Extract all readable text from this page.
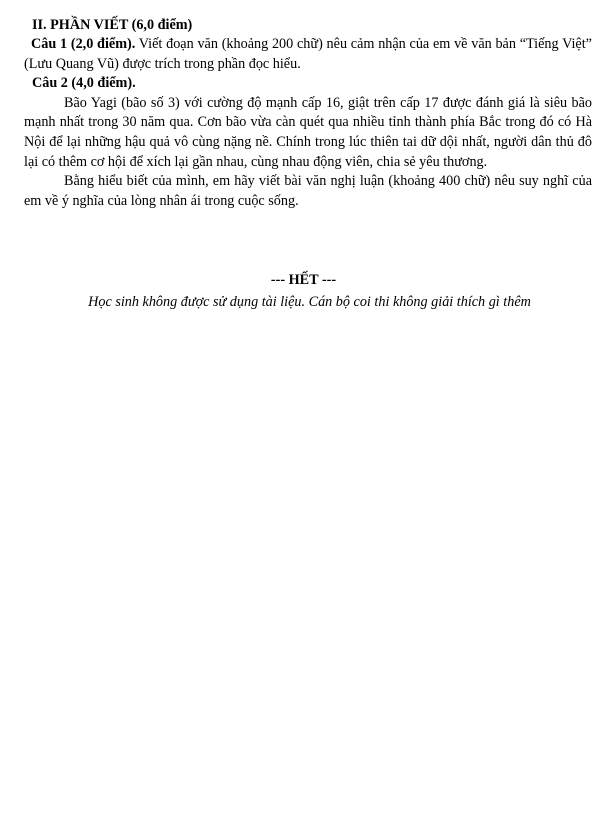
II. PHẦN VIẾT (6,0 điểm)

Câu 1 (2,0 điểm). Viết đoạn văn (khoảng 200 chữ) nêu cảm nhận của em về văn bản “Tiếng Việt” (Lưu Quang Vũ) được trích trong phần đọc hiểu.

Câu 2 (4,0 điểm).

Bão Yagi (bão số 3) với cường độ mạnh cấp 16, giật trên cấp 17 được đánh giá là siêu bão mạnh nhất trong 30 năm qua. Cơn bão vừa càn quét qua nhiều tỉnh thành phía Bắc trong đó có Hà Nội để lại những hậu quả vô cùng nặng nề. Chính trong lúc thiên tai dữ dội nhất, người dân thủ đô lại có thêm cơ hội để xích lại gần nhau, cùng nhau động viên, chia sẻ yêu thương.

Bằng hiểu biết của mình, em hãy viết bài văn nghị luận (khoảng 400 chữ) nêu suy nghĩ của em về ý nghĩa của lòng nhân ái trong cuộc sống.

--- HẾT ---

Học sinh không được sử dụng tài liệu. Cán bộ coi thi không giải thích gì thêm
